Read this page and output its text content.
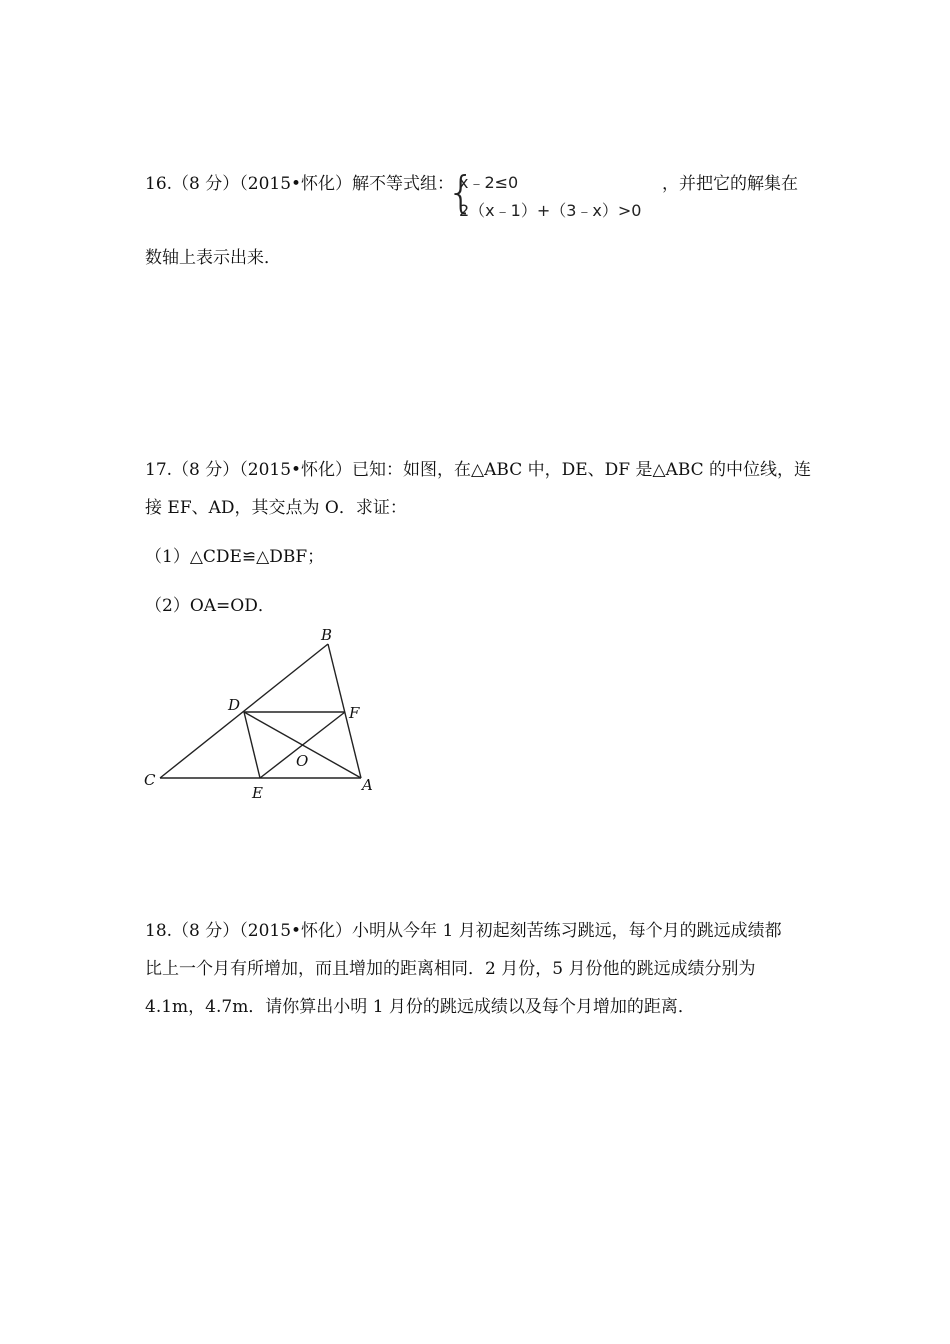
16.（8 分）（2015•怀化）解不等式组：
{
x﹣2≤0
2（x﹣1）+（3﹣x）>0
，并把它的解集在
数轴上表示出来．
17.（8 分）（2015•怀化）已知：如图，在△ABC 中，DE、DF 是△ABC 的中位线，连
接 EF、AD，其交点为 O．求证：
（1）△CDE≌△DBF；
（2）OA=OD．
B
D	F
O
C
E	A
18.（8 分）（2015•怀化）小明从今年 1 月初起刻苦练习跳远，每个月的跳远成绩都
比上一个月有所增加，而且增加的距离相同．2 月份，5 月份他的跳远成绩分别为
4.1m，4.7m．请你算出小明 1 月份的跳远成绩以及每个月增加的距离．
